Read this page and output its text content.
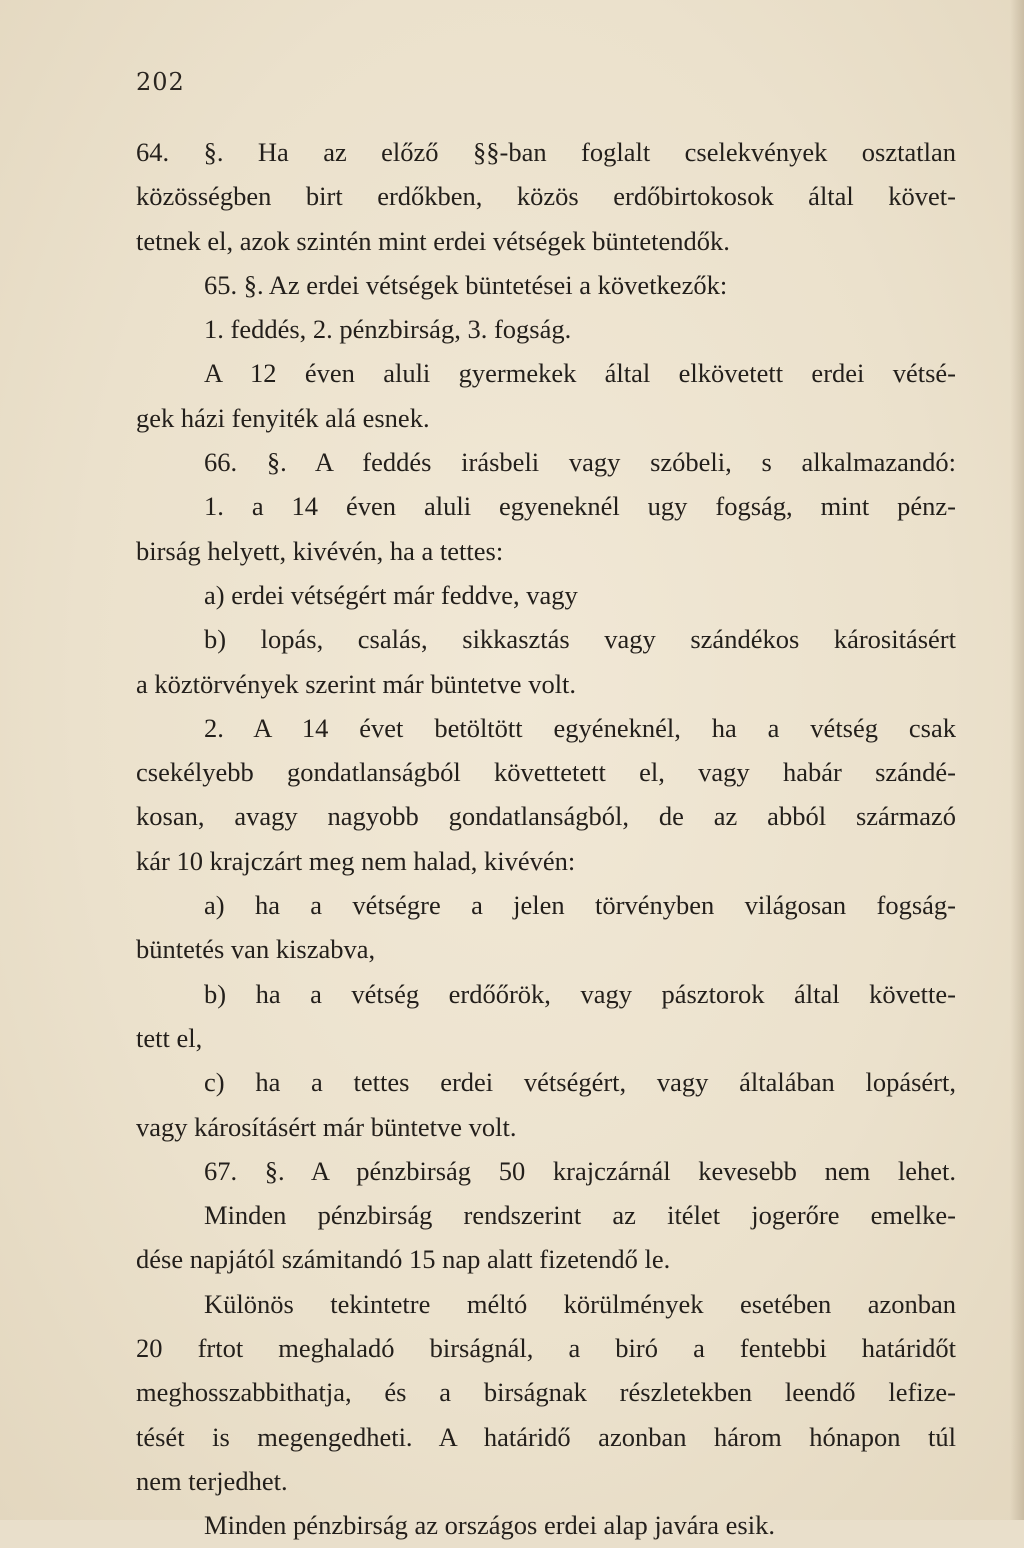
202
64. §. Ha az előző §§-ban foglalt cselekvények osztatlan
közösségben birt erdőkben, közös erdőbirtokosok által követ-
tetnek el, azok szintén mint erdei vétségek büntetendők.
65. §. Az erdei vétségek büntetései a következők:
1. feddés, 2. pénzbirság, 3. fogság.
A 12 éven aluli gyermekek által elkövetett erdei vétsé-
gek házi fenyiték alá esnek.
66. §. A feddés irásbeli vagy szóbeli, s alkalmazandó:
1. a 14 éven aluli egyeneknél ugy fogság, mint pénz-
birság helyett, kivévén, ha a tettes:
a) erdei vétségért már feddve, vagy
b) lopás, csalás, sikkasztás vagy szándékos kárositásért
a köztörvények szerint már büntetve volt.
2. A 14 évet betöltött egyéneknél, ha a vétség csak
csekélyebb gondatlanságból követtetett el, vagy habár szándé-
kosan, avagy nagyobb gondatlanságból, de az abból származó
kár 10 krajczárt meg nem halad, kivévén:
a) ha a vétségre a jelen törvényben világosan fogság-
büntetés van kiszabva,
b) ha a vétség erdőőrök, vagy pásztorok által követte-
tett el,
c) ha a tettes erdei vétségért, vagy általában lopásért,
vagy károsításért már büntetve volt.
67. §. A pénzbirság 50 krajczárnál kevesebb nem lehet.
Minden pénzbirság rendszerint az itélet jogerőre emelke-
dése napjától számitandó 15 nap alatt fizetendő le.
Különös tekintetre méltó körülmények esetében azonban
20 frtot meghaladó birságnál, a biró a fentebbi határidőt
meghosszabbithatja, és a birságnak részletekben leendő lefize-
tését is megengedheti. A határidő azonban három hónapon túl
nem terjedhet.
Minden pénzbirság az országos erdei alap javára esik.
